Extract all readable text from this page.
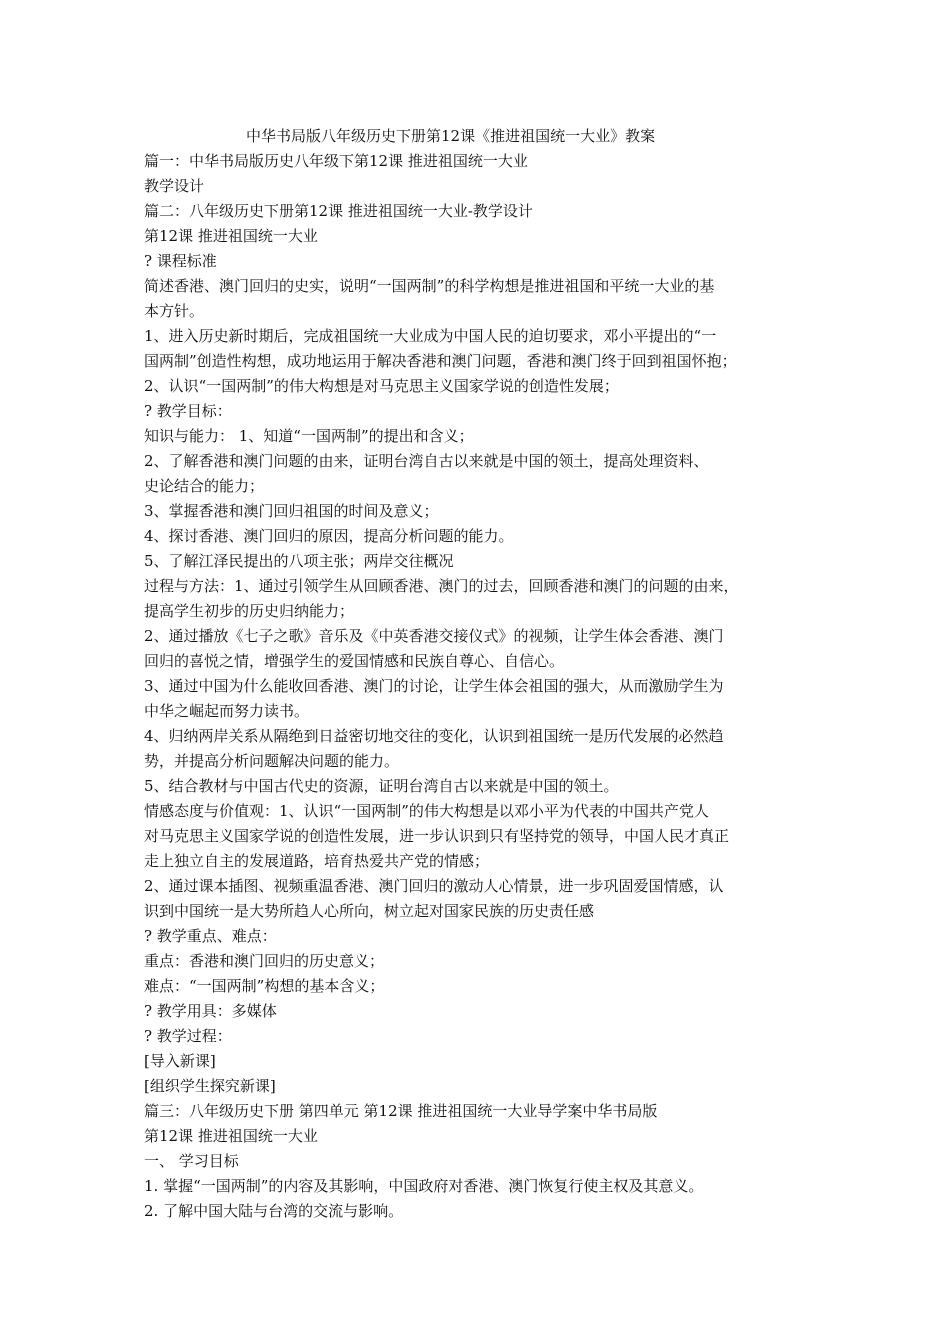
中华书局版八年级历史下册第12课《推进祖国统一大业》教案
篇一：中华书局版历史八年级下第12课 推进祖国统一大业
教学设计
篇二：八年级历史下册第12课 推进祖国统一大业-教学设计
第12课 推进祖国统一大业
? 课程标准
简述香港、澳门回归的史实，说明“一国两制”的科学构想是推进祖国和平统一大业的基
本方针。
1、进入历史新时期后，完成祖国统一大业成为中国人民的迫切要求，邓小平提出的“一
国两制”创造性构想，成功地运用于解决香港和澳门问题，香港和澳门终于回到祖国怀抱；
2、认识“一国两制”的伟大构想是对马克思主义国家学说的创造性发展；
? 教学目标：
知识与能力： 1、知道“一国两制”的提出和含义；
2、了解香港和澳门问题的由来，证明台湾自古以来就是中国的领土，提高处理资料、
史论结合的能力；
3、掌握香港和澳门回归祖国的时间及意义；
4、探讨香港、澳门回归的原因，提高分析问题的能力。
5、了解江泽民提出的八项主张；两岸交往概况
过程与方法：1、通过引领学生从回顾香港、澳门的过去，回顾香港和澳门的问题的由来，
提高学生初步的历史归纳能力；
2、通过播放《七子之歌》音乐及《中英香港交接仪式》的视频，让学生体会香港、澳门
回归的喜悦之情，增强学生的爱国情感和民族自尊心、自信心。
3、通过中国为什么能收回香港、澳门的讨论，让学生体会祖国的强大，从而激励学生为
中华之崛起而努力读书。
4、归纳两岸关系从隔绝到日益密切地交往的变化，认识到祖国统一是历代发展的必然趋
势，并提高分析问题解决问题的能力。
5、结合教材与中国古代史的资源，证明台湾自古以来就是中国的领土。
情感态度与价值观：1、认识“一国两制”的伟大构想是以邓小平为代表的中国共产党人
对马克思主义国家学说的创造性发展，进一步认识到只有坚持党的领导，中国人民才真正
走上独立自主的发展道路，培育热爱共产党的情感；
2、通过课本插图、视频重温香港、澳门回归的激动人心情景，进一步巩固爱国情感，认
识到中国统一是大势所趋人心所向，树立起对国家民族的历史责任感
? 教学重点、难点：
重点：香港和澳门回归的历史意义；
难点：“一国两制”构想的基本含义；
? 教学用具：多媒体
? 教学过程：
[导入新课]
[组织学生探究新课]
篇三：八年级历史下册 第四单元 第12课 推进祖国统一大业导学案中华书局版
第12课 推进祖国统一大业
一、 学习目标
1. 掌握“一国两制”的内容及其影响，中国政府对香港、澳门恢复行使主权及其意义。
2. 了解中国大陆与台湾的交流与影响。
